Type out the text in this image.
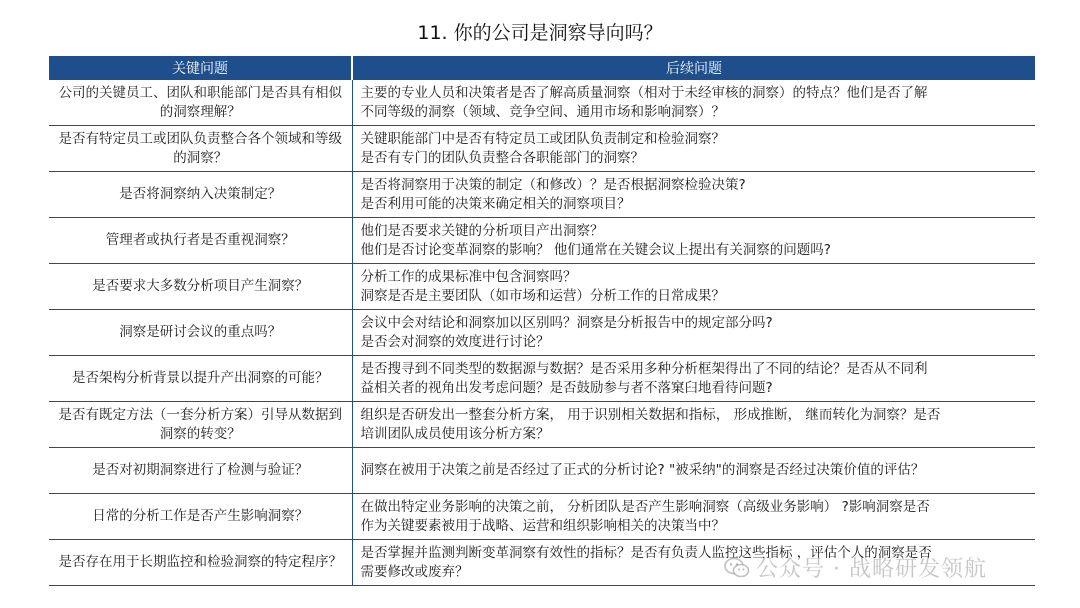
11. 你的公司是洞察导向吗？
关键问题	后续问题
公司的关键员工、团队和职能部门是否具有相似的洞察理解？	主要的专业人员和决策者是否了解高质量洞察（相对于未经审核的洞察）的特点？他们是否了解
不同等级的洞察（领域、竞争空间、通用市场和影响洞察）？

是否有特定员工或团队负责整合各个领域和等级的洞察？	关键职能部门中是否有特定员工或团队负责制定和检验洞察？
是否有专门的团队负责整合各职能部门的洞察？

是否将洞察纳入决策制定？	是否将洞察用于决策的制定（和修改）？是否根据洞察检验决策?
是否利用可能的决策来确定相关的洞察项目？

管理者或执行者是否重视洞察？	他们是否要求关键的分析项目产出洞察？
他们是否讨论变革洞察的影响？ 他们通常在关键会议上提出有关洞察的问题吗?

是否要求大多数分析项目产生洞察？	分析工作的成果标准中包含洞察吗？
洞察是否是主要团队（如市场和运营）分析工作的日常成果？

洞察是研讨会议的重点吗？	会议中会对结论和洞察加以区别吗？洞察是分析报告中的规定部分吗?
是否会对洞察的效度进行讨论？

是否架构分析背景以提升产出洞察的可能？	是否搜寻到不同类型的数据源与数据？是否采用多种分析框架得出了不同的结论？是否从不同利
益相关者的视角出发考虑问题？是否鼓励参与者不落窠臼地看待问题?

是否有既定方法（一套分析方案）引导从数据到洞察的转变？	组织是否研发出一整套分析方案， 用于识别相关数据和指标， 形成推断， 继而转化为洞察？是否
培训团队成员使用该分析方案？

是否对初期洞察进行了检测与验证？	洞察在被用于决策之前是否经过了正式的分析讨论? "被采纳"的洞察是否经过决策价值的评估？

日常的分析工作是否产生影响洞察？	在做出特定业务影响的决策之前， 分析团队是否产生影响洞察（高级业务影响） ?影响洞察是否
作为关键要素被用于战略、运营和组织影响相关的决策当中？

是否存在用于长期监控和检验洞察的特定程序？	是否掌握并监测判断变革洞察有效性的指标？是否有负责人监控这些指标 ，评估个人的洞察是否
需要修改或废弃？	公众号 · 战略研发领航
